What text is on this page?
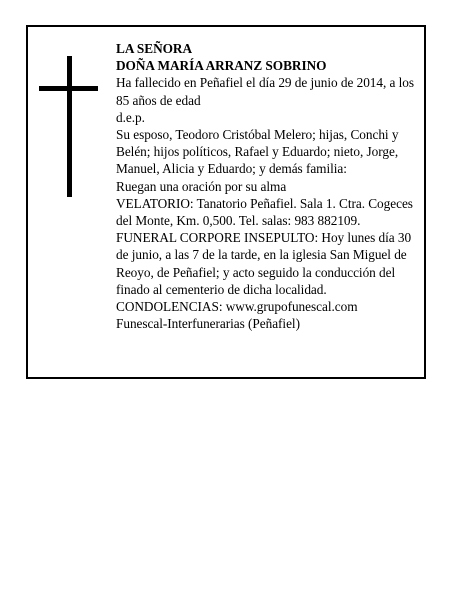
LA SEÑORA

DOÑA MARÍA ARRANZ SOBRINO

Ha fallecido en Peñafiel el día 29 de junio de 2014, a los 85 años de edad

d.e.p.

Su esposo, Teodoro Cristóbal Melero; hijas, Conchi y Belén; hijos políticos, Rafael y Eduardo; nieto, Jorge, Manuel, Alicia y Eduardo; y demás familia:

Ruegan una oración por su alma

VELATORIO: Tanatorio Peñafiel. Sala 1. Ctra. Cogeces del Monte, Km. 0,500. Tel. salas: 983 882109.

FUNERAL CORPORE INSEPULTO: Hoy lunes día 30 de junio, a las 7 de la tarde, en la iglesia San Miguel de Reoyo, de Peñafiel; y acto seguido la conducción del finado al cementerio de dicha localidad.

CONDOLENCIAS: www.grupofunescal.com

Funescal-Interfunerarias (Peñafiel)
